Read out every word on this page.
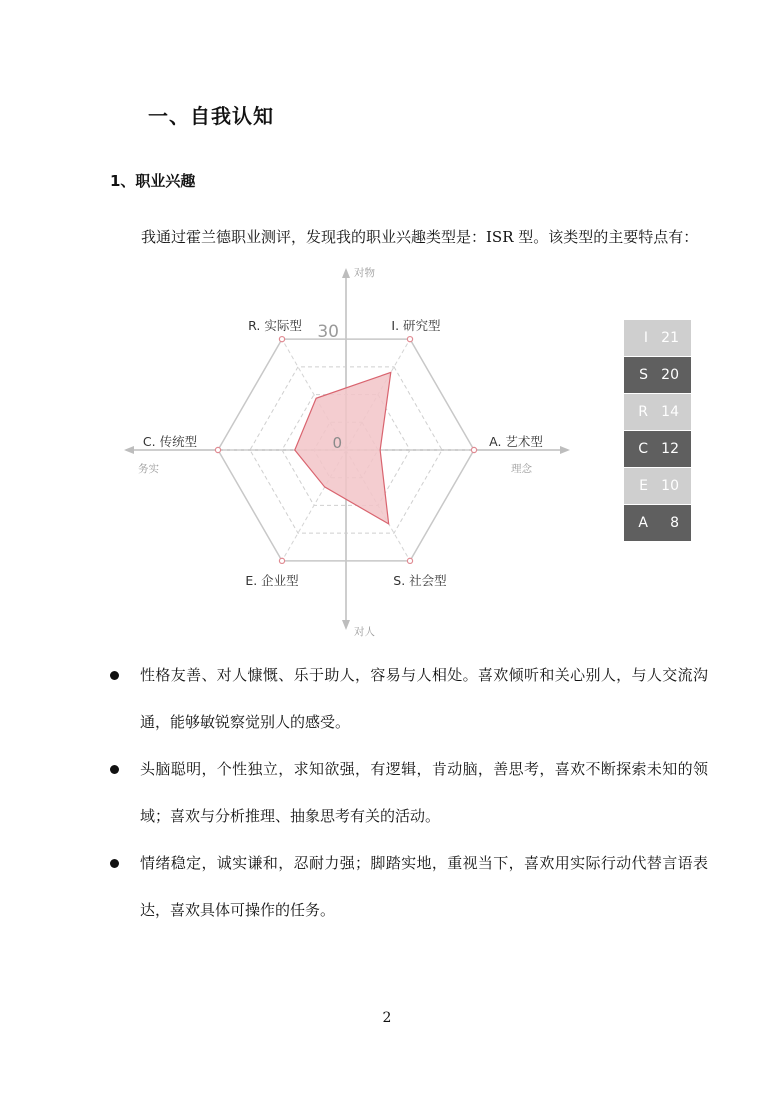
一、自我认知
1、职业兴趣
我通过霍兰德职业测评，发现我的职业兴趣类型是：ISR 型。该类型的主要特点有：
30
0
I. 研究型
A. 艺术型
S. 社会型
E. 企业型
C. 传统型
R. 实际型
对物
对人
务实	理念
I 21
S 20
R 14
C 12
E 10
A	8
性格友善、对人慷慨、乐于助人，容易与人相处。喜欢倾听和关心别人，与人交流沟通，能够敏锐察觉别人的感受。
头脑聪明，个性独立，求知欲强，有逻辑，肯动脑，善思考，喜欢不断探索未知的领域；喜欢与分析推理、抽象思考有关的活动。
情绪稳定，诚实谦和，忍耐力强；脚踏实地，重视当下，喜欢用实际行动代替言语表达，喜欢具体可操作的任务。
2
